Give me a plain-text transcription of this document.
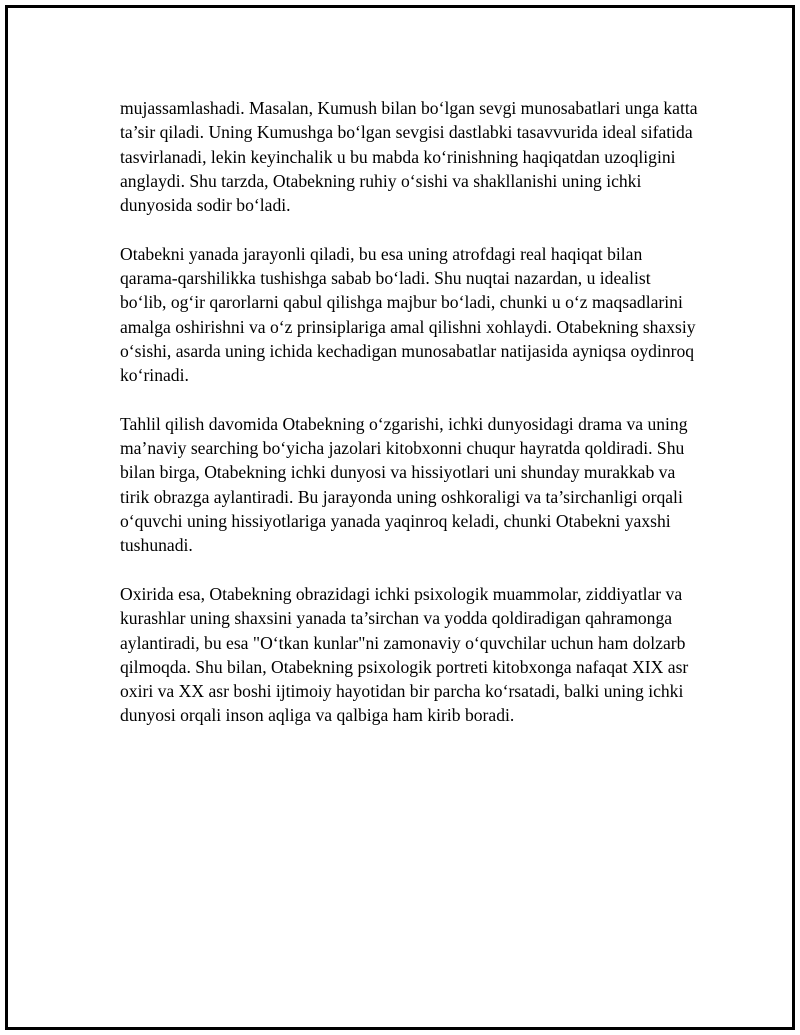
mujassamlashadi. Masalan, Kumush bilan bo‘lgan sevgi munosabatlari unga katta ta’sir qiladi. Uning Kumushga bo‘lgan sevgisi dastlabki tasavvurida ideal sifatida tasvirlanadi, lekin keyinchalik u bu mabda ko‘rinishning haqiqatdan uzoqligini anglaydi. Shu tarzda, Otabekning ruhiy o‘sishi va shakllanishi uning ichki dunyosida sodir bo‘ladi.

Otabekni yanada jarayonli qiladi, bu esa uning atrofdagi real haqiqat bilan qarama-qarshilikka tushishga sabab bo‘ladi. Shu nuqtai nazardan, u idealist bo‘lib, og‘ir qarorlarni qabul qilishga majbur bo‘ladi, chunki u o‘z maqsadlarini amalga oshirishni va o‘z prinsiplariga amal qilishni xohlaydi. Otabekning shaxsiy o‘sishi, asarda uning ichida kechadigan munosabatlar natijasida ayniqsa oydinroq ko‘rinadi.

Tahlil qilish davomida Otabekning o‘zgarishi, ichki dunyosidagi drama va uning ma’naviy searching bo‘yicha jazolari kitobxonni chuqur hayratda qoldiradi. Shu bilan birga, Otabekning ichki dunyosi va hissiyotlari uni shunday murakkab va tirik obrazga aylantiradi. Bu jarayonda uning oshkoraligi va ta’sirchanligi orqali o‘quvchi uning hissiyotlariga yanada yaqinroq keladi, chunki Otabekni yaxshi tushunadi.

Oxirida esa, Otabekning obrazidagi ichki psixologik muammolar, ziddiyatlar va kurashlar uning shaxsini yanada ta’sirchan va yodda qoldiradigan qahramonga aylantiradi, bu esa "O‘tkan kunlar"ni zamonaviy o‘quvchilar uchun ham dolzarb qilmoqda. Shu bilan, Otabekning psixologik portreti kitobxonga nafaqat XIX asr oxiri va XX asr boshi ijtimoiy hayotidan bir parcha ko‘rsatadi, balki uning ichki dunyosi orqali inson aqliga va qalbiga ham kirib boradi.
